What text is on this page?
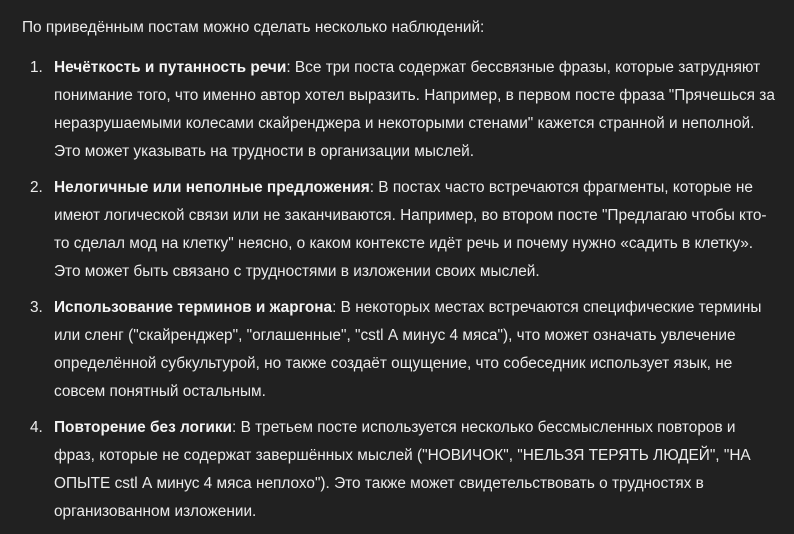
По приведённым постам можно сделать несколько наблюдений:

1. Нечёткость и путанность речи: Все три поста содержат бессвязные фразы, которые затрудняют понимание того, что именно автор хотел выразить. Например, в первом посте фраза "Прячешься за неразрушаемыми колесами скайренджера и некоторыми стенами" кажется странной и неполной. Это может указывать на трудности в организации мыслей.
2. Нелогичные или неполные предложения: В постах часто встречаются фрагменты, которые не имеют логической связи или не заканчиваются. Например, во втором посте "Предлагаю чтобы кто-то сделал мод на клетку" неясно, о каком контексте идёт речь и почему нужно «садить в клетку». Это может быть связано с трудностями в изложении своих мыслей.
3. Использование терминов и жаргона: В некоторых местах встречаются специфические термины или сленг ("скайренджер", "оглашенные", "cstl А минус 4 мяса"), что может означать увлечение определённой субкультурой, но также создаёт ощущение, что собеседник использует язык, не совсем понятный остальным.
4. Повторение без логики: В третьем посте используется несколько бессмысленных повторов и фраз, которые не содержат завершённых мыслей ("НОВИЧОК", "НЕЛЬЗЯ ТЕРЯТЬ ЛЮДЕЙ", "НА ОПЫТЕ cstl А минус 4 мяса неплохо"). Это также может свидетельствовать о трудностях в организованном изложении.
